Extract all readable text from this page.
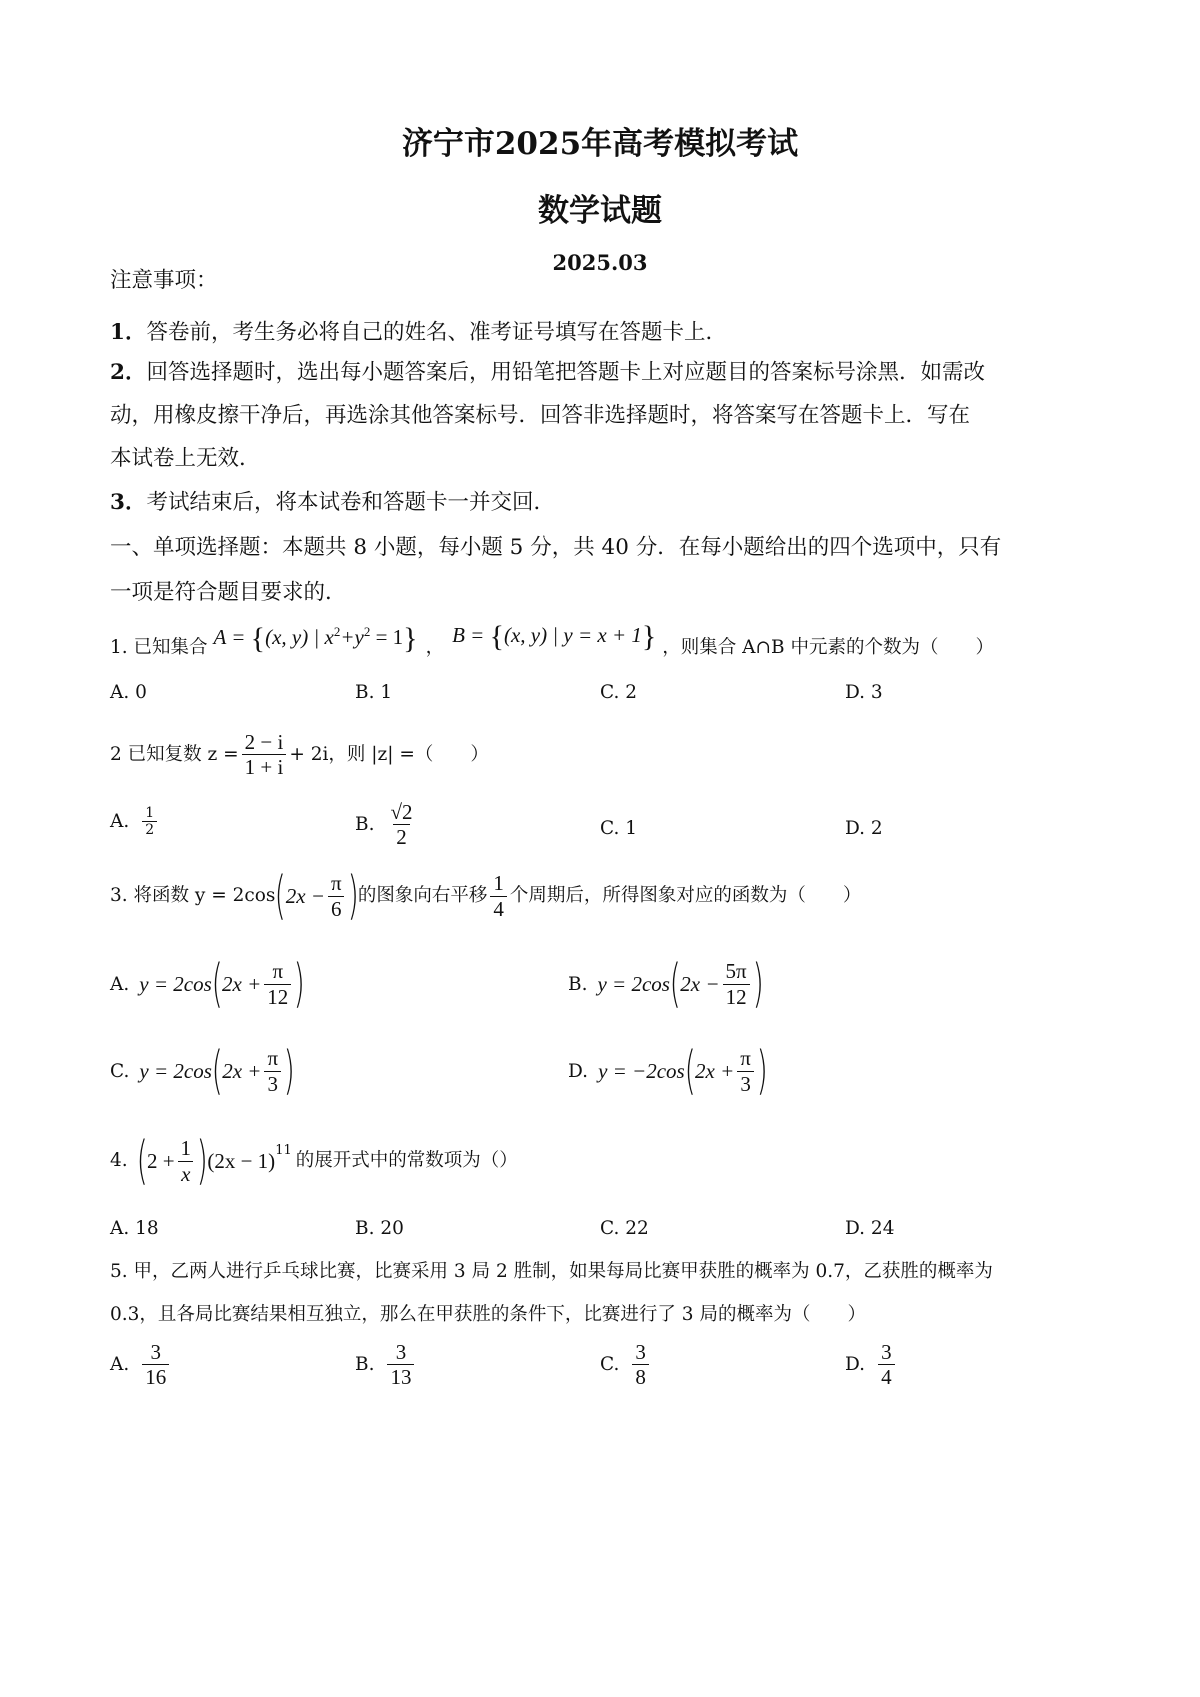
济宁市2025年高考模拟考试
数学试题
2025.03
注意事项：
1．答卷前，考生务必将自己的姓名、准考证号填写在答题卡上．
2．回答选择题时，选出每小题答案后，用铅笔把答题卡上对应题目的答案标号涂黑．如需改
动，用橡皮擦干净后，再选涂其他答案标号．回答非选择题时，将答案写在答题卡上．写在
本试卷上无效．
3．考试结束后，将本试卷和答题卡一并交回．
一、单项选择题：本题共 8 小题，每小题 5 分，共 40 分．在每小题给出的四个选项中，只有
一项是符合题目要求的．
1. 已知集合 A = {(x, y) | $x^2+y^2 = 1$} ，
B = {(x, y) | y = x + 1} ，则集合 A∩B 中元素的个数为（　　）
A. 0	B. 1	C. 2	D. 3
2 已知复数 $z = \frac{2 - i}{1 + i} + 2i$，则 |z| =（　　）
A. $\frac{1}{2}$	B. $\frac{√2}{2}$	C. 1	D. 2
3. 将函数 y = 2cos ( $2x - \frac{\pi}{6}$ ) 的图象向右平移 $\frac{1}{4}$ 个周期后，所得图象对应的函数为（　　）
A. y = 2cos ( $2x + \frac{\pi}{12}$ )	B. y = 2cos ( $2x - \frac{5\pi}{12}$ )
C. y = 2cos ( $2x + \frac{\pi}{3}$ )	D. y = −2cos ( $2x + \frac{\pi}{3}$ )
4. ( $2 + \frac{1}{x}$ ) $(2x - 1)^{11}$ 的展开式中的常数项为（）
A. 18	B. 20	C. 22	D. 24
5. 甲，乙两人进行乒乓球比赛，比赛采用 3 局 2 胜制，如果每局比赛甲获胜的概率为 0.7，乙获胜的概率为
0.3，且各局比赛结果相互独立，那么在甲获胜的条件下，比赛进行了 3 局的概率为（　　）
A. $\frac{3}{16}$	B. $\frac{3}{13}$	C. $\frac{3}{8}$	D. $\frac{3}{4}$
